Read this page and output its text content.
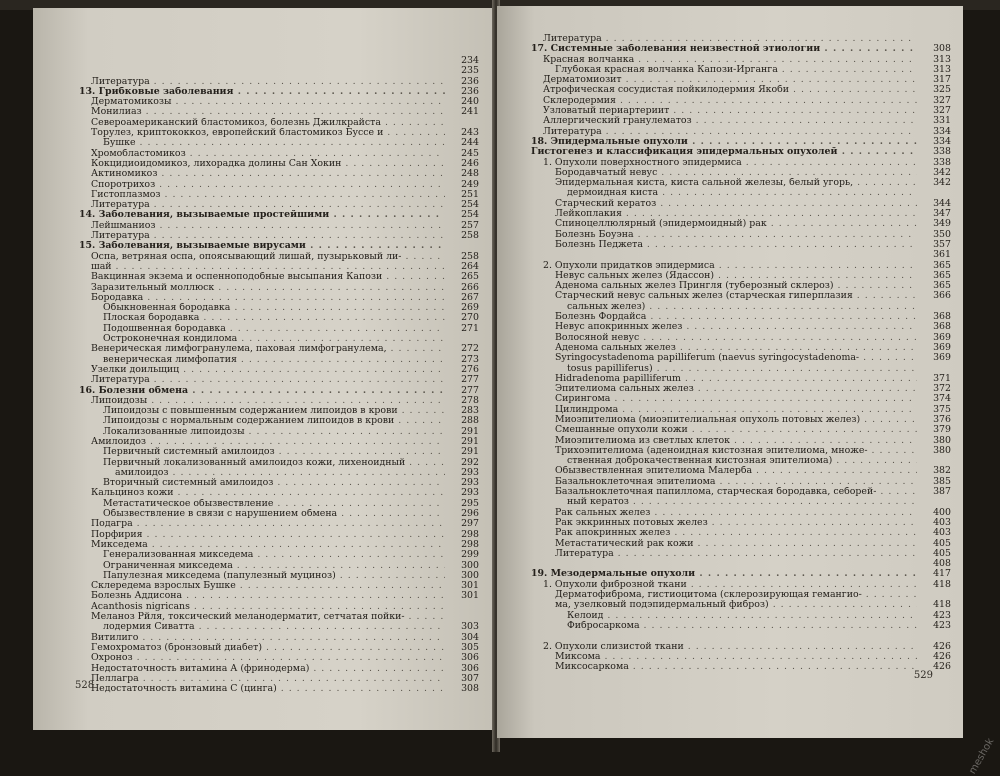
234
235
Литература . . .	236
13. Грибковые заболевания . . .	236
Дерматомикозы . . .	240
Монилиаз . . .	241
Североамериканский бластомикоз, болезнь Джилкрайста . . .
Торулез, криптококкоз, европейский бластомикоз Буссе и . . .	243
Бушке . . .	244
Хромобластомикоз . . .	245
Кокцидиоидомикоз, лихорадка долины Сан Хокин . . .	246
Актиномикоз . . .	248
Споротрихоз . . .	249
Гистоплазмоз . . .	251
Литература . . .	254
14. Заболевания, вызываемые простейшими . . .	254
Лейшманиоз . . .	257
Литература . . .	258
15. Заболевания, вызываемые вирусами . . .
Оспа, ветряная оспа, опоясывающий лишай, пузырьковый ли- . . .	258
шай . . .	264
Вакцинная экзема и оспенноподобные высыпания Капози . . .	265
Заразительный моллюск . . .	266
Бородавка . . .	267
Обыкновенная бородавка . . .	269
Плоская бородавка . . .	270
Подошвенная бородавка . . .	271
Остроконечная кондилома . . .
Венерическая лимфогранулема, паховая лимфогранулема, . . .	272
венерическая лимфопатия . . .	273
Узелки доильщиц . . .	276
Литература . . .	277
16. Болезни обмена . . .	277
Липоидозы . . .	278
Липоидозы с повышенным содержанием липоидов в крови . . .	283
Липоидозы с нормальным содержанием липоидов в крови . . .	288
Локализованные липоидозы . . .	291
Амилоидоз . . .	291
Первичный системный амилоидоз . . .	291
Первичный локализованный амилоидоз кожи, лихеноидный . . .	292
амилоидоз . . .	293
Вторичный системный амилоидоз . . .	293
Кальциноз кожи . . .	293
Метастатическое обызвествление . . .	295
Обызвествление в связи с нарушением обмена . . .	296
Подагра . . .	297
Порфирия . . .	298
Микседема . . .	298
Генерализованная микседема . . .	299
Ограниченная микседема . . .	300
Папулезная микседема (папулезный муциноз) . . .	300
Склередема взрослых Бушке . . .	301
Болезнь Аддисона . . .	301
Acanthosis nigricans . . .
Меланоз Рйля, токсический меланодерматит, сетчатая пойки- . . .
лодермия Сиватта . . .	303
Витилиго . . .	304
Гемохроматоз (бронзовый диабет) . . .	305
Охроноз . . .	306
Недостаточность витамина А (фринодерма) . . .	306
Пеллагра . . .	307
Недостаточность витамина С (цинга) . . .	308
528
Литература . . .
17. Системные заболевания неизвестной этиологии . . .	308
Красная волчанка . . .	313
Глубокая красная волчанка Капози-Ирганга . . .	313
Дерматомиозит . . .	317
Атрофическая сосудистая пойкилодермия Якоби . . .	325
Склеродермия . . .	327
Узловатый периартериит . . .	327
Аллергический гранулематоз . . .	331
Литература . . .	334
18. Эпидермальные опухоли . . .	334
Гистогенез и классификация эпидермальных опухолей . . .	338
1. Опухоли поверхностного эпидермиса . . .	338
Бородавчатый невус . . .	342
Эпидермальная киста, киста сальной железы, белый угорь, . . .	342
дермоидная киста . . .
Старческий кератоз . . .	344
Лейкоплакия . . .	347
Спиноцеллюлярный (эпидермоидный) рак . . .	349
Болезнь Боуэна . . .	350
Болезнь Педжета . . .	357
361
2. Опухоли придатков эпидермиса . . .	365
Невус сальных желез (Ядассон) . . .	365
Аденома сальных желез Прингля (туберозный склероз) . . .	365
Старческий невус сальных желез (старческая гиперплазия . . .	366
сальных желез) . . .
Болезнь Фордайса . . .	368
Невус апокринных желез . . .	368
Волосяной невус . . .	369
Аденома сальных желез . . .	369
Syringocystadenoma papilliferum (naevus syringocystadenoma- . . .	369
tosus papilliferus) . . .
Hidradenoma papilliferum . . .	371
Эпителиома сальных желез . . .	372
Сирингома . . .	374
Цилиндрома . . .	375
Миоэпителиома (миоэпителиальная опухоль потовых желез) . . .	376
Смешанные опухоли кожи . . .	379
Миоэпителиома из светлых клеток . . .	380
Трихоэпителиома (аденоидная кистозная эпителиома, множе- . . .	380
ственная доброкачественная кистозная эпителиома) . . .
Обызвествленная эпителиома Малерба . . .	382
Базальноклеточная эпителиома . . .	385
Базальноклеточная папиллома, старческая бородавка, себорей- . . .	387
ный кератоз . . .
Рак сальных желез . . .	400
Рак эккринных потовых желез . . .	403
Рак апокринных желез . . .	403
Метастатический рак кожи . . .	405
Литература . . .	405
408
19. Мезодермальные опухоли . . .	417
1. Опухоли фиброзной ткани . . .	418
Дерматофиброма, гистиоцитома (склерозирующая гемангио- . . .
ма, узелковый подэпидермальный фиброз) . . .	418
Келоид . . .	423
Фибросаркома . . .	423
2. Опухоли слизистой ткани . . .	426
Миксома . . .	426
Миксосаркома . . .	426
529
meshok
